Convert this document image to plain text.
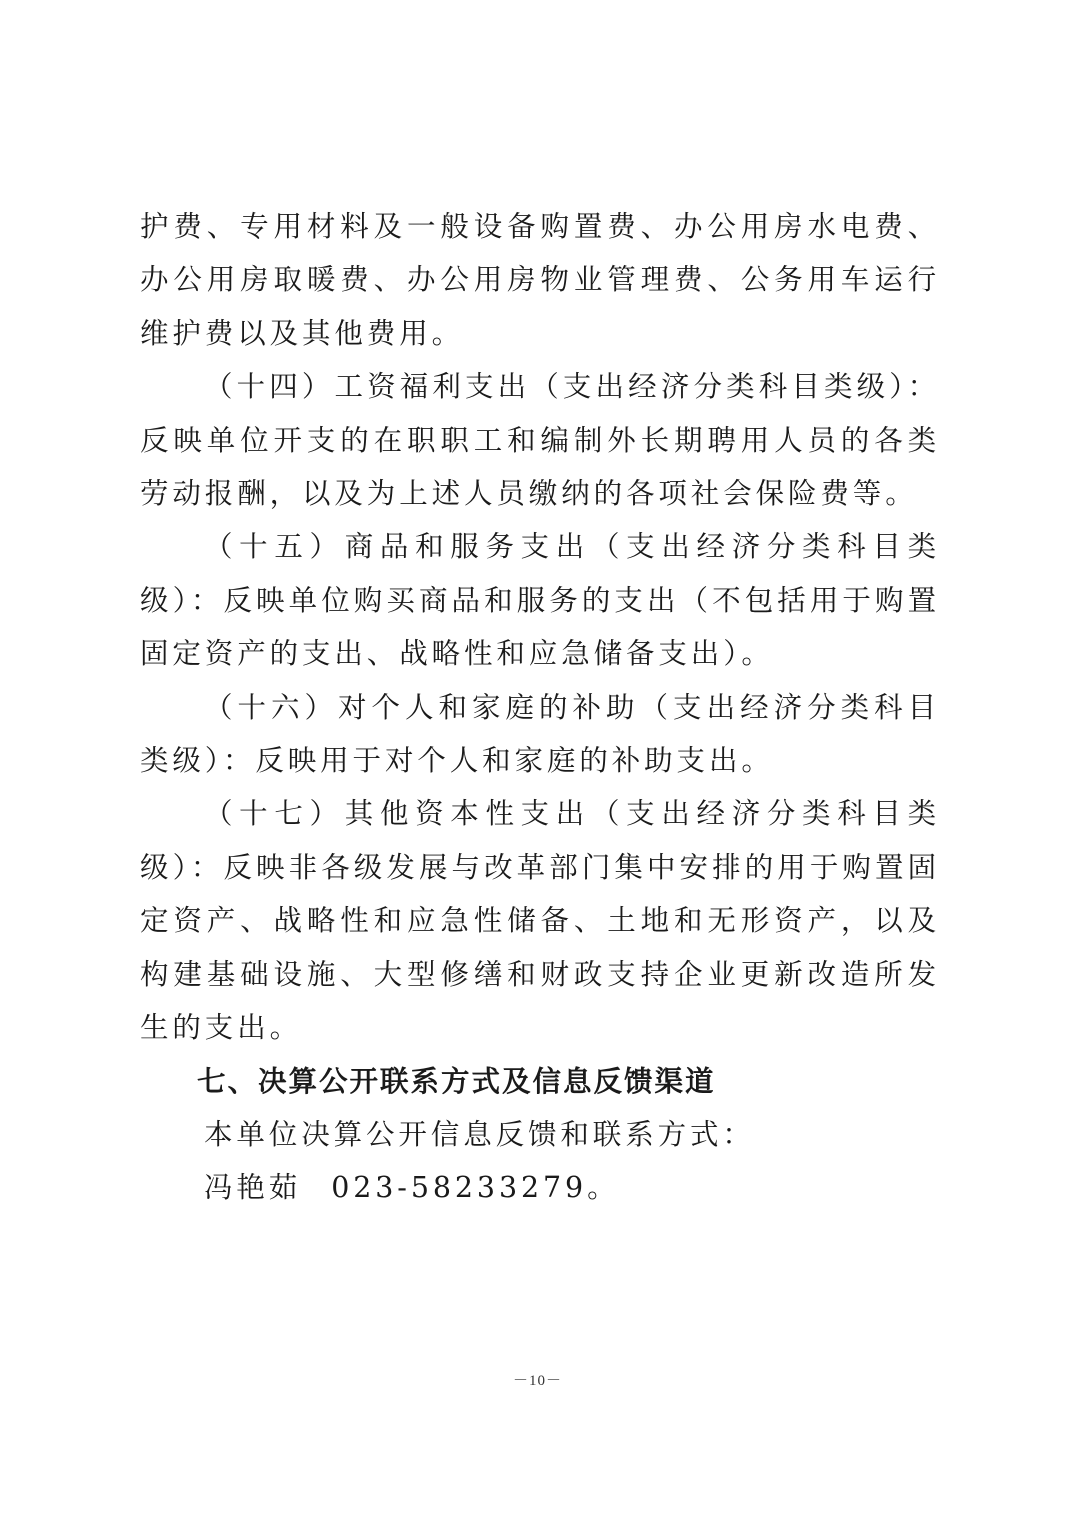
护费、专用材料及一般设备购置费、办公用房水电费、办公用房取暖费、办公用房物业管理费、公务用车运行维护费以及其他费用。

（十四）工资福利支出（支出经济分类科目类级）：反映单位开支的在职职工和编制外长期聘用人员的各类劳动报酬，以及为上述人员缴纳的各项社会保险费等。

（十五）商品和服务支出（支出经济分类科目类级）：反映单位购买商品和服务的支出（不包括用于购置固定资产的支出、战略性和应急储备支出）。

（十六）对个人和家庭的补助（支出经济分类科目类级）：反映用于对个人和家庭的补助支出。

（十七）其他资本性支出（支出经济分类科目类级）：反映非各级发展与改革部门集中安排的用于购置固定资产、战略性和应急性储备、土地和无形资产，以及构建基础设施、大型修缮和财政支持企业更新改造所发生的支出。

七、决算公开联系方式及信息反馈渠道

本单位决算公开信息反馈和联系方式：

冯艳茹 023-58233279。

－10－
